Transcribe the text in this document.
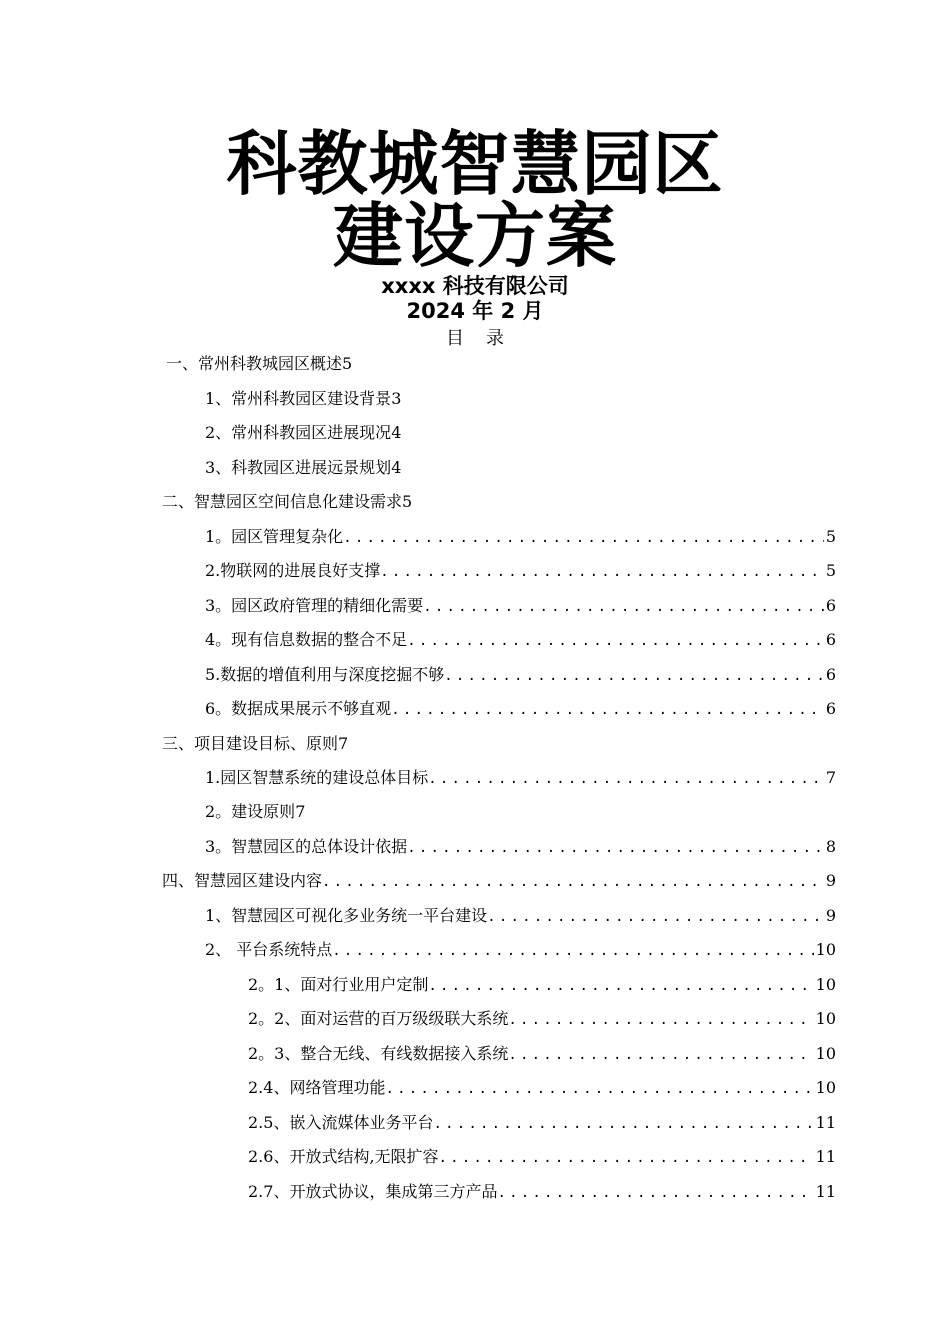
科教城智慧园区
建设方案
xxxx 科技有限公司
2024 年 2 月
目录
一、常州科教城园区概述 5
1、常州科教园区建设背景 3
2、常州科教园区进展现况 4
3、科教园区进展远景规划 4
二、智慧园区空间信息化建设需求 5
1。园区管理复杂化 .....	5
2.物联网的进展良好支撑 .....	5
3。园区政府管理的精细化需要 .....	6
4。现有信息数据的整合不足 .....	6
5.数据的增值利用与深度挖掘不够 .....	6
6。数据成果展示不够直观 .....	6
三、项目建设目标、原则 7
1.园区智慧系统的建设总体目标 .....	7
2。建设原则 7
3。智慧园区的总体设计依据 .....	8
四、智慧园区建设内容 .....	9
1、智慧园区可视化多业务统一平台建设 .....	9
2、 平台系统特点 .....	10
2。1、面对行业用户定制 .....	10
2。2、面对运营的百万级级联大系统 .....	10
2。3、整合无线、有线数据接入系统 .....	10
2.4、网络管理功能 .....	10
2.5、嵌入流媒体业务平台 .....	11
2.6、开放式结构,无限扩容 .....	11
2.7、开放式协议，集成第三方产品 .....	11
